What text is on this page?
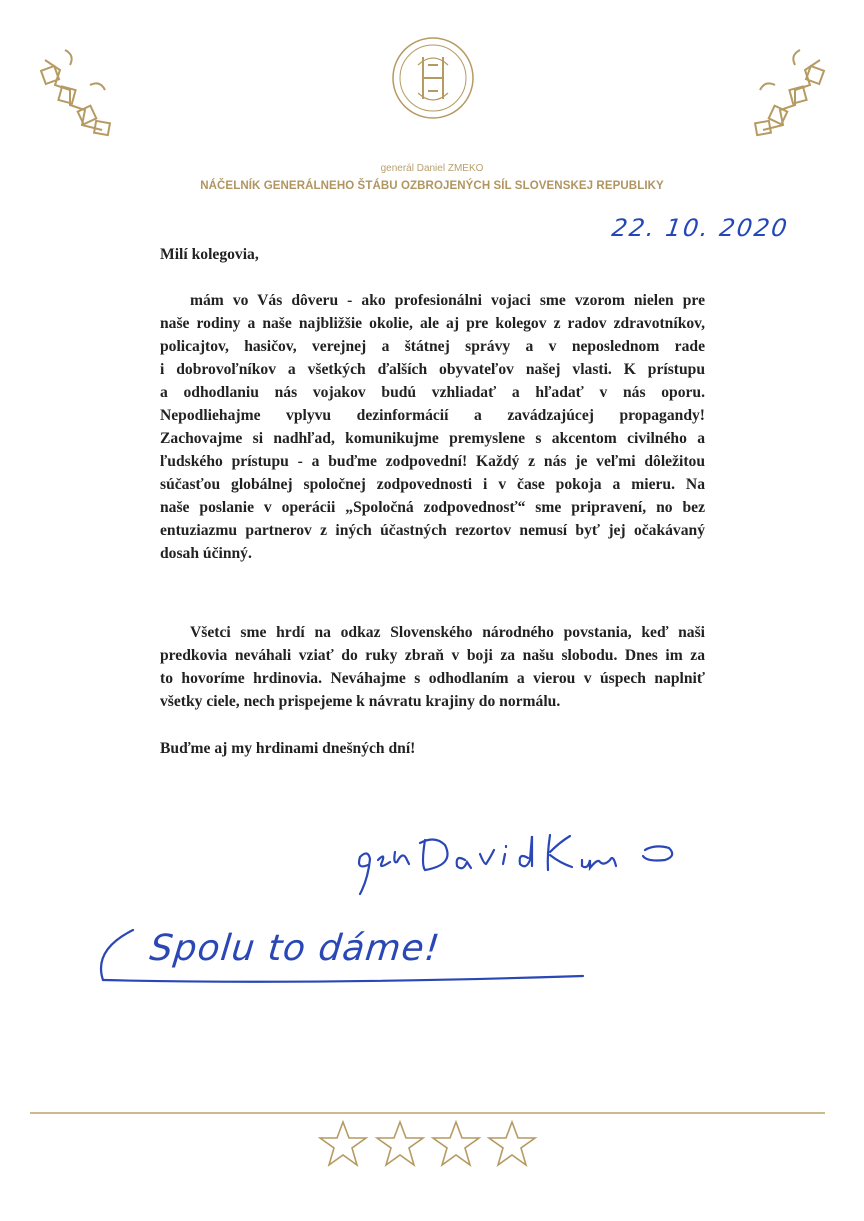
generál Daniel ZMEKO
NÁČELNÍK GENERÁLNEHO ŠTÁBU OZBROJENÝCH SÍL SLOVENSKEJ REPUBLIKY
22. 10. 2020
Milí kolegovia,
mám vo Vás dôveru - ako profesionálni vojaci sme vzorom nielen pre
naše rodiny a naše najbližšie okolie, ale aj pre kolegov z radov zdravotníkov,
policajtov, hasičov, verejnej a štátnej správy a v neposlednom rade
i dobrovoľníkov a všetkých ďalších obyvateľov našej vlasti. K prístupu
a odhodlaniu nás vojakov budú vzhliadať a hľadať v nás oporu.
Nepodliehajme vplyvu dezinformácií a zavádzajúcej propagandy!
Zachovajme si nadhľad, komunikujme premyslene s akcentom civilného a
ľudského prístupu - a buďme zodpovední! Každý z nás je veľmi dôležitou
súčasťou globálnej spoločnej zodpovednosti i v čase pokoja a mieru. Na
naše poslanie v operácii „Spoločná zodpovednosť“ sme pripravení, no bez
entuziazmu partnerov z iných účastných rezortov nemusí byť jej očakávaný
dosah účinný.
Všetci sme hrdí na odkaz Slovenského národného povstania, keď naši
predkovia neváhali vziať do ruky zbraň v boji za našu slobodu. Dnes im za
to hovoríme hrdinovia. Neváhajme s odhodlaním a vierou v úspech naplniť
všetky ciele, nech prispejeme k návratu krajiny do normálu.
Buďme aj my hrdinami dnešných dní!
Spolu to dáme!
